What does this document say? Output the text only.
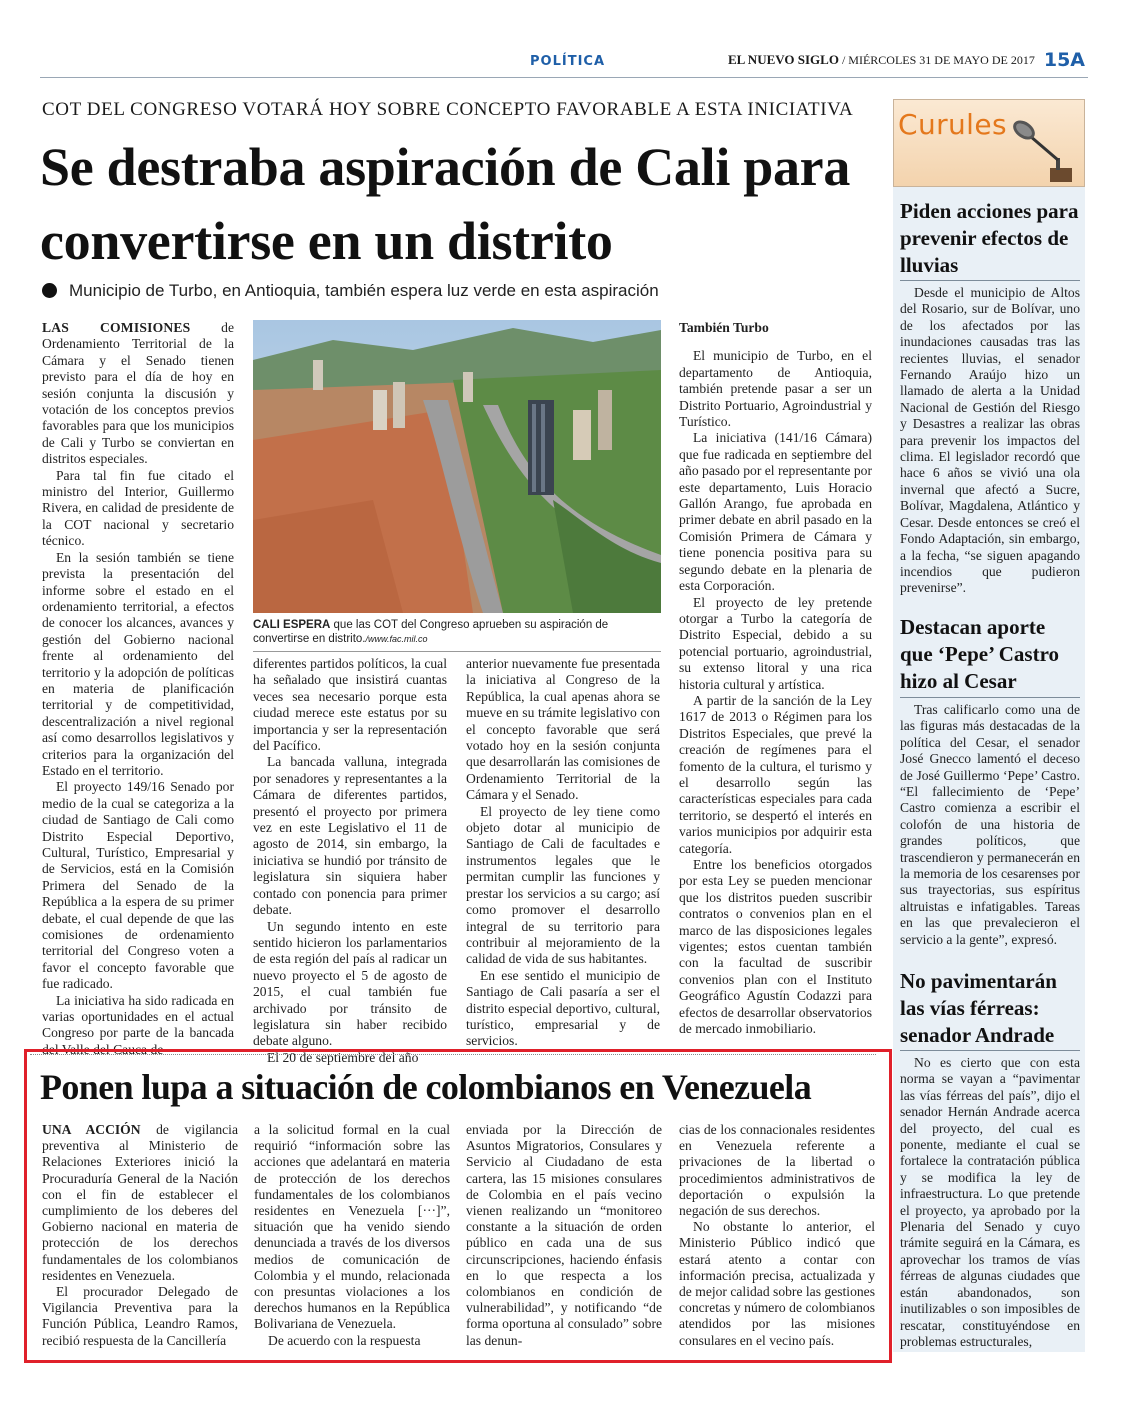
POLÍTICA	EL NUEVO SIGLO / MIÉRCOLES 31 DE MAYO DE 2017 15A
COT DEL CONGRESO VOTARÁ HOY SOBRE CONCEPTO FAVORABLE A ESTA INICIATIVA
Se destraba aspiración de Cali para convertirse en un distrito
Municipio de Turbo, en Antioquia, también espera luz verde en esta aspiración

LAS COMISIONES de Ordenamiento Territorial de la Cámara y el Senado tienen previsto para el día de hoy en sesión conjunta la discusión y votación de los conceptos previos favorables para que los municipios de Cali y Turbo se conviertan en distritos especiales.

Para tal fin fue citado el ministro del Interior, Guillermo Rivera, en calidad de presidente de la COT nacional y secretario técnico.

En la sesión también se tiene prevista la presentación del informe sobre el estado en el ordenamiento territorial, a efectos de conocer los alcances, avances y gestión del Gobierno nacional frente al ordenamiento del territorio y la adopción de políticas en materia de planificación territorial y de competitividad, descentralización a nivel regional así como desarrollos legislativos y criterios para la organización del Estado en el territorio.

El proyecto 149/16 Senado por medio de la cual se categoriza a la ciudad de Santiago de Cali como Distrito Especial Deportivo, Cultural, Turístico, Empresarial y de Servicios, está en la Comisión Primera del Senado de la República a la espera de su primer debate, el cual depende de que las comisiones de ordenamiento territorial del Congreso voten a favor el concepto favorable que fue radicado.

La iniciativa ha sido radicada en varias oportunidades en el actual Congreso por parte de la bancada del Valle del Cauca de

CALI ESPERA que las COT del Congreso aprueben su aspiración de convertirse en distrito./www.fac.mil.co

diferentes partidos políticos, la cual ha señalado que insistirá cuantas veces sea necesario porque esta ciudad merece este estatus por su importancia y ser la representación del Pacífico.

La bancada valluna, integrada por senadores y representantes a la Cámara de diferentes partidos, presentó el proyecto por primera vez en este Legislativo el 11 de agosto de 2014, sin embargo, la iniciativa se hundió por tránsito de legislatura sin siquiera haber contado con ponencia para primer debate.

Un segundo intento en este sentido hicieron los parlamentarios de esta región del país al radicar un nuevo proyecto el 5 de agosto de 2015, el cual también fue archivado por tránsito de legislatura sin haber recibido debate alguno.

El 20 de septiembre del año

anterior nuevamente fue presentada la iniciativa al Congreso de la República, la cual apenas ahora se mueve en su trámite legislativo con el concepto favorable que será votado hoy en la sesión conjunta que desarrollarán las comisiones de Ordenamiento Territorial de la Cámara y el Senado.

El proyecto de ley tiene como objeto dotar al municipio de Santiago de Cali de facultades e instrumentos legales que le permitan cumplir las funciones y prestar los servicios a su cargo; así como promover el desarrollo integral de su territorio para contribuir al mejoramiento de la calidad de vida de sus habitantes.

En ese sentido el municipio de Santiago de Cali pasaría a ser el distrito especial deportivo, cultural, turístico, empresarial y de servicios.

También Turbo

El municipio de Turbo, en el departamento de Antioquia, también pretende pasar a ser un Distrito Portuario, Agroindustrial y Turístico.

La iniciativa (141/16 Cámara) que fue radicada en septiembre del año pasado por el representante por este departamento, Luis Horacio Gallón Arango, fue aprobada en primer debate en abril pasado en la Comisión Primera de Cámara y tiene ponencia positiva para su segundo debate en la plenaria de esta Corporación.

El proyecto de ley pretende otorgar a Turbo la categoría de Distrito Especial, debido a su potencial portuario, agroindustrial, su extenso litoral y una rica historia cultural y artística.

A partir de la sanción de la Ley 1617 de 2013 o Régimen para los Distritos Especiales, que prevé la creación de regímenes para el fomento de la cultura, el turismo y el desarrollo según las características especiales para cada territorio, se despertó el interés en varios municipios por adquirir esta categoría.

Entre los beneficios otorgados por esta Ley se pueden mencionar que los distritos pueden suscribir contratos o convenios plan en el marco de las disposiciones legales vigentes; estos cuentan también con la facultad de suscribir convenios plan con el Instituto Geográfico Agustín Codazzi para efectos de desarrollar observatorios de mercado inmobiliario.

Curules
Piden acciones para prevenir efectos de lluvias

Desde el municipio de Altos del Rosario, sur de Bolívar, uno de los afectados por las inundaciones causadas tras las recientes lluvias, el senador Fernando Araújo hizo un llamado de alerta a la Unidad Nacional de Gestión del Riesgo y Desastres a realizar las obras para prevenir los impactos del clima. El legislador recordó que hace 6 años se vivió una ola invernal que afectó a Sucre, Bolívar, Magdalena, Atlántico y Cesar. Desde entonces se creó el Fondo Adaptación, sin embargo, a la fecha, “se siguen apagando incendios que pudieron prevenirse”.

Destacan aporte que ‘Pepe’ Castro hizo al Cesar

Tras calificarlo como una de las figuras más destacadas de la política del Cesar, el senador José Gnecco lamentó el deceso de José Guillermo ‘Pepe’ Castro. “El fallecimiento de ‘Pepe’ Castro comienza a escribir el colofón de una historia de grandes políticos, que trascendieron y permanecerán en la memoria de los cesarenses por sus trayectorias, sus espíritus altruistas e infatigables. Tareas en las que prevalecieron el servicio a la gente”, expresó.

No pavimentarán las vías férreas: senador Andrade

No es cierto que con esta norma se vayan a “pavimentar las vías férreas del país”, dijo el senador Hernán Andrade acerca del proyecto, del cual es ponente, mediante el cual se fortalece la contratación pública y se modifica la ley de infraestructura. Lo que pretende el proyecto, ya aprobado por la Plenaria del Senado y cuyo trámite seguirá en la Cámara, es aprovechar los tramos de vías férreas de algunas ciudades que están abandonados, son inutilizables o son imposibles de rescatar, constituyéndose en problemas estructurales,

Ponen lupa a situación de colombianos en Venezuela

UNA ACCIÓN de vigilancia preventiva al Ministerio de Relaciones Exteriores inició la Procuraduría General de la Nación con el fin de establecer el cumplimiento de los deberes del Gobierno nacional en materia de protección de los derechos fundamentales de los colombianos residentes en Venezuela.

El procurador Delegado de Vigilancia Preventiva para la Función Pública, Leandro Ramos, recibió respuesta de la Cancillería

a la solicitud formal en la cual requirió “información sobre las acciones que adelantará en materia de protección de los derechos fundamentales de los colombianos residentes en Venezuela [···]”, situación que ha venido siendo denunciada a través de los diversos medios de comunicación de Colombia y el mundo, relacionada con presuntas violaciones a los derechos humanos en la República Bolivariana de Venezuela.

De acuerdo con la respuesta

enviada por la Dirección de Asuntos Migratorios, Consulares y Servicio al Ciudadano de esta cartera, las 15 misiones consulares de Colombia en el país vecino vienen realizando un “monitoreo constante a la situación de orden público en cada una de sus circunscripciones, haciendo énfasis en lo que respecta a los colombianos en condición de vulnerabilidad”, y notificando “de forma oportuna al consulado” sobre las denun-

cias de los connacionales residentes en Venezuela referente a privaciones de la libertad o procedimientos administrativos de deportación o expulsión la negación de sus derechos.

No obstante lo anterior, el Ministerio Público indicó que estará atento a contar con información precisa, actualizada y de mejor calidad sobre las gestiones concretas y número de colombianos atendidos por las misiones consulares en el vecino país.
